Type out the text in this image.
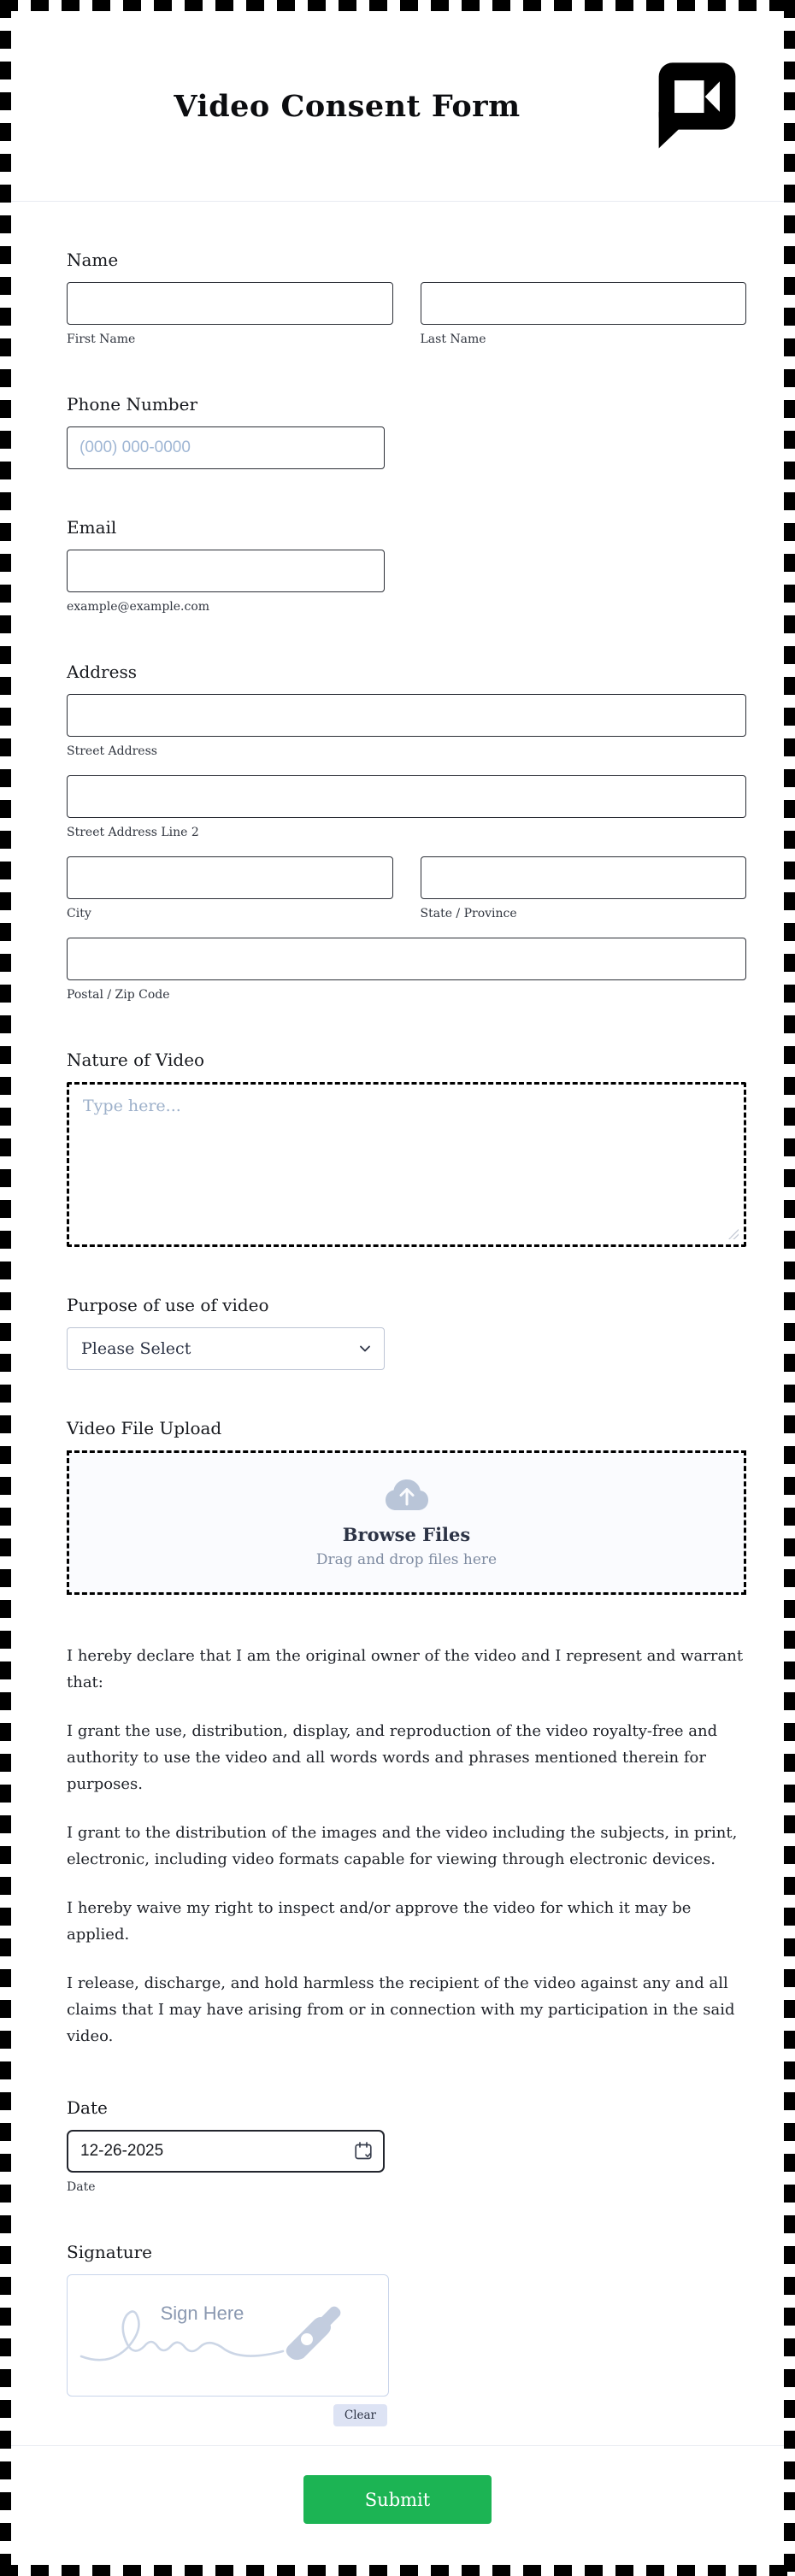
Video Consent Form
Name
First Name	Last Name
Phone Number
(000) 000-0000
Email
example@example.com
Address
Street Address
Street Address Line 2
City	State / Province
Postal / Zip Code
Nature of Video
Type here...
Purpose of use of video
Please Select
Video File Upload
Browse Files
Drag and drop files here

I hereby declare that I am the original owner of the video and I represent and warrant that:

I grant the use, distribution, display, and reproduction of the video royalty-free and authority to use the video and all words words and phrases mentioned therein for purposes.

I grant to the distribution of the images and the video including the subjects, in print, electronic, including video formats capable for viewing through electronic devices.

I hereby waive my right to inspect and/or approve the video for which it may be applied.

I release, discharge, and hold harmless the recipient of the video against any and all claims that I may have arising from or in connection with my participation in the said video.

Date
12-26-2025
Date
Signature
Sign Here
Clear
Submit
